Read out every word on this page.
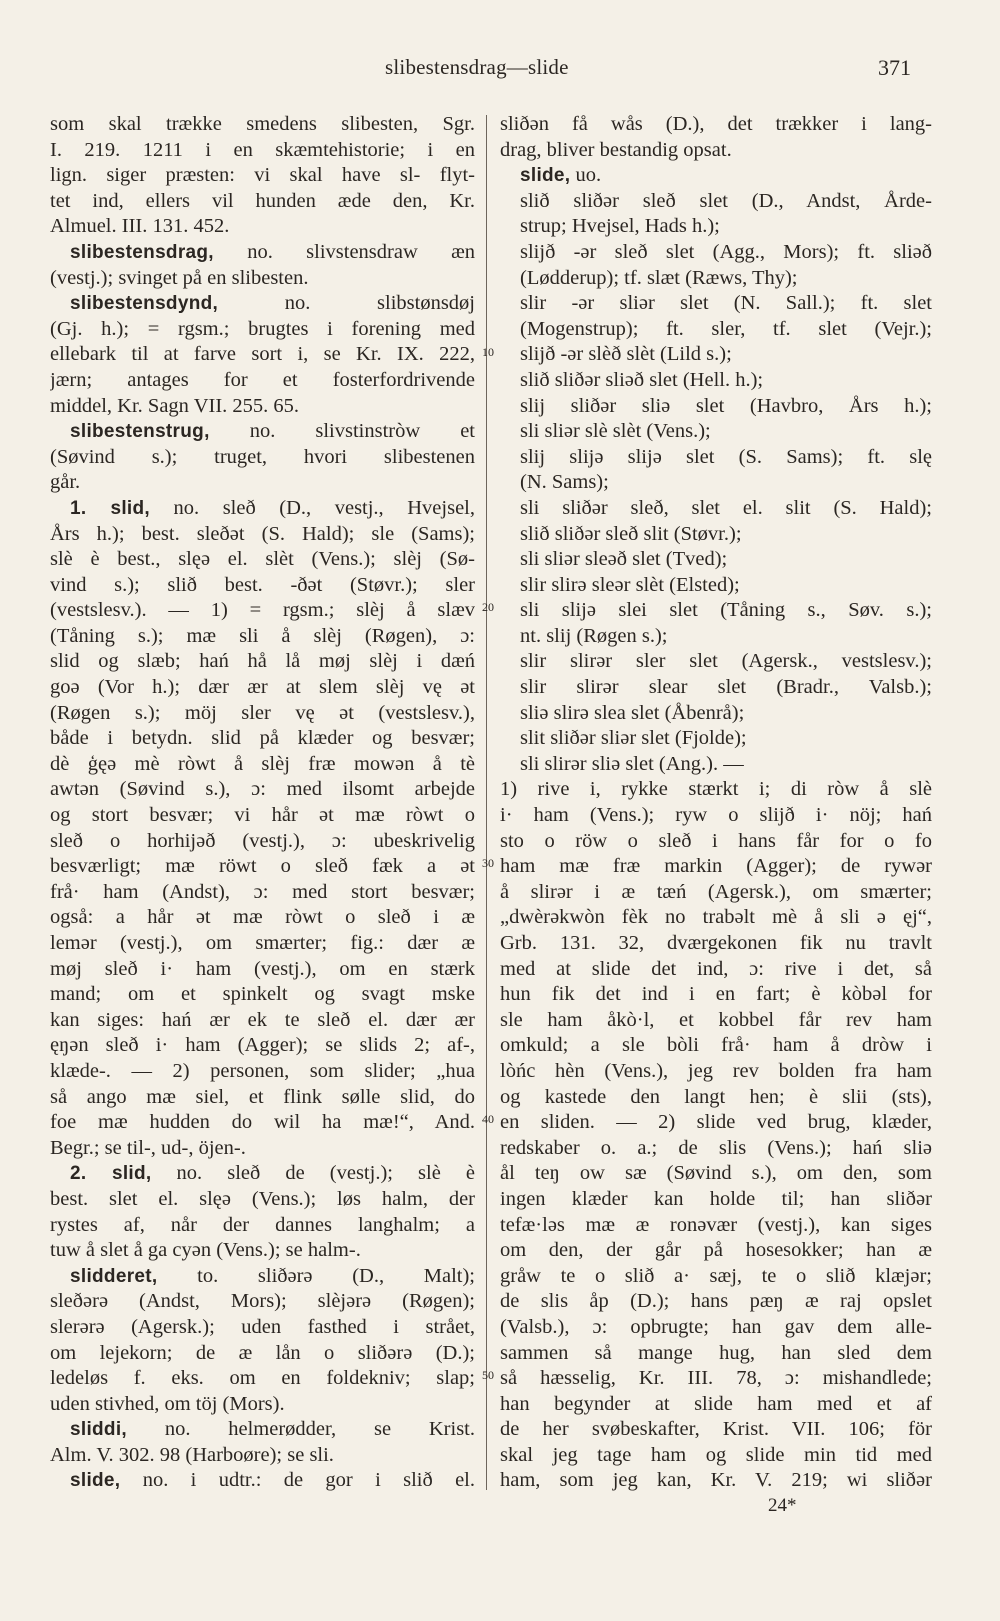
slibestensdrag—slide	371
som skal trække smedens slibesten, Sgr.
I. 219. 1211 i en skæmtehistorie; i en
lign. siger præsten: vi skal have sl- flyt-
tet ind, ellers vil hunden æde den, Kr.
Almuel. III. 131. 452.
slibestensdrag, no. slivstensdraw æn
(vestj.); svinget på en slibesten.
slibestensdynd, no. slibstønsdøj
(Gj. h.); = rgsm.; brugtes i forening med
ellebark til at farve sort i, se Kr. IX. 222,
jærn; antages for et fosterfordrivende
middel, Kr. Sagn VII. 255. 65.
slibestenstrug, no. slivstinstròw et
(Søvind s.); truget, hvori slibestenen
går.
1. slid, no. sleð (D., vestj., Hvejsel,
Års h.); best. sleðət (S. Hald); sle (Sams);
slè è best., slęə el. slèt (Vens.); slèj (Sø-
vind s.); slið best. -ðət (Støvr.); sler
(vestslesv.). — 1) = rgsm.; slèj å slæv
(Tåning s.); mæ sli å slèj (Røgen), ɔ:
slid og slæb; hań hå lå møj slèj i dæń
goə (Vor h.); dær ær at slem slèj vę ət
(Røgen s.); möj sler vę ət (vestslesv.),
både i betydn. slid på klæder og besvær;
dè ģęə mè ròwt å slèj fræ mowən å tè
awtən (Søvind s.), ɔ: med ilsomt arbejde
og stort besvær; vi hår ət mæ ròwt o
sleð o horhijəð (vestj.), ɔ: ubeskrivelig
besværligt; mæ röwt o sleð fæk a ət
frå· ham (Andst), ɔ: med stort besvær;
også: a hår ət mæ ròwt o sleð i æ
lemər (vestj.), om smærter; fig.: dær æ
møj sleð i· ham (vestj.), om en stærk
mand; om et spinkelt og svagt mske
kan siges: hań ær ek te sleð el. dær ær
ęŋən sleð i· ham (Agger); se slids 2; af-,
klæde-. — 2) personen, som slider; „hua
så ango mæ siel, et flink sølle slid, do
foe mæ hudden do wil ha mæ!“, And.
Begr.; se til-, ud-, öjen-.
2. slid, no. sleð de (vestj.); slè è
best. slet el. slęə (Vens.); løs halm, der
rystes af, når der dannes langhalm; a
tuw å slet å ga cyən (Vens.); se halm-.
slidderet, to. sliðərə (D., Malt);
sleðərə (Andst, Mors); slèjərə (Røgen);
slerərə (Agersk.); uden fasthed i strået,
om lejekorn; de æ lån o sliðərə (D.);
ledeløs f. eks. om en foldekniv; slap;
uden stivhed, om töj (Mors).
sliddi, no. helmerødder, se Krist.
Alm. V. 302. 98 (Harboøre); se sli.
slide, no. i udtr.: de gor i slið el.
sliðən få wås (D.), det trækker i lang-
drag, bliver bestandig opsat.
slide, uo.
slið sliðər sleð slet (D., Andst, Årde-
strup; Hvejsel, Hads h.);
slijð -ər sleð slet (Agg., Mors); ft. sliəð
(Lødderup); tf. slæt (Ræws, Thy);
slir -ər sliər slet (N. Sall.); ft. slet
(Mogenstrup); ft. sler, tf. slet (Vejr.);
slijð -ər slèð slèt (Lild s.);
slið sliðər sliəð slet (Hell. h.);
slij sliðər sliə slet (Havbro, Års h.);
sli sliər slè slèt (Vens.);
slij slijə slijə slet (S. Sams); ft. slę
(N. Sams);
sli sliðər sleð, slet el. slit (S. Hald);
slið sliðər sleð slit (Støvr.);
sli sliər sleəð slet (Tved);
slir slirə sleər slèt (Elsted);
sli slijə slei slet (Tåning s., Søv. s.);
nt. slij (Røgen s.);
slir slirər sler slet (Agersk., vestslesv.);
slir slirər slear slet (Bradr., Valsb.);
sliə slirə slea slet (Åbenrå);
slit sliðər sliər slet (Fjolde);
sli slirər sliə slet (Ang.). —
1) rive i, rykke stærkt i; di ròw å slè
i· ham (Vens.); ryw o slijð i· nöj; hań
sto o röw o sleð i hans får for o fo
ham mæ fræ markin (Agger); de rywər
å slirər i æ tæń (Agersk.), om smærter;
„dwèrəkwòn fèk no trabəlt mè å sli ə ęj“,
Grb. 131. 32, dværgekonen fik nu travlt
med at slide det ind, ɔ: rive i det, så
hun fik det ind i en fart; è kòbəl for
sle ham åkò·l, et kobbel får rev ham
omkuld; a sle bòli frå· ham å dròw i
lòńc hèn (Vens.), jeg rev bolden fra ham
og kastede den langt hen; è slii (sts),
en sliden. — 2) slide ved brug, klæder,
redskaber o. a.; de slis (Vens.); hań sliə
ål teŋ ow sæ (Søvind s.), om den, som
ingen klæder kan holde til; han sliðər
tefæ·ləs mæ æ ronəvær (vestj.), kan siges
om den, der går på hosesokker; han æ
gråw te o slið a· sæj, te o slið klæjər;
de slis åp (D.); hans pæŋ æ raj opslet
(Valsb.), ɔ: opbrugte; han gav dem alle-
sammen så mange hug, han sled dem
så hæsselig, Kr. III. 78, ɔ: mishandlede;
han begynder at slide ham med et af
de her svøbeskafter, Krist. VII. 106; för
skal jeg tage ham og slide min tid med
ham, som jeg kan, Kr. V. 219; wi sliðər
10
20
30
40
50
24*
